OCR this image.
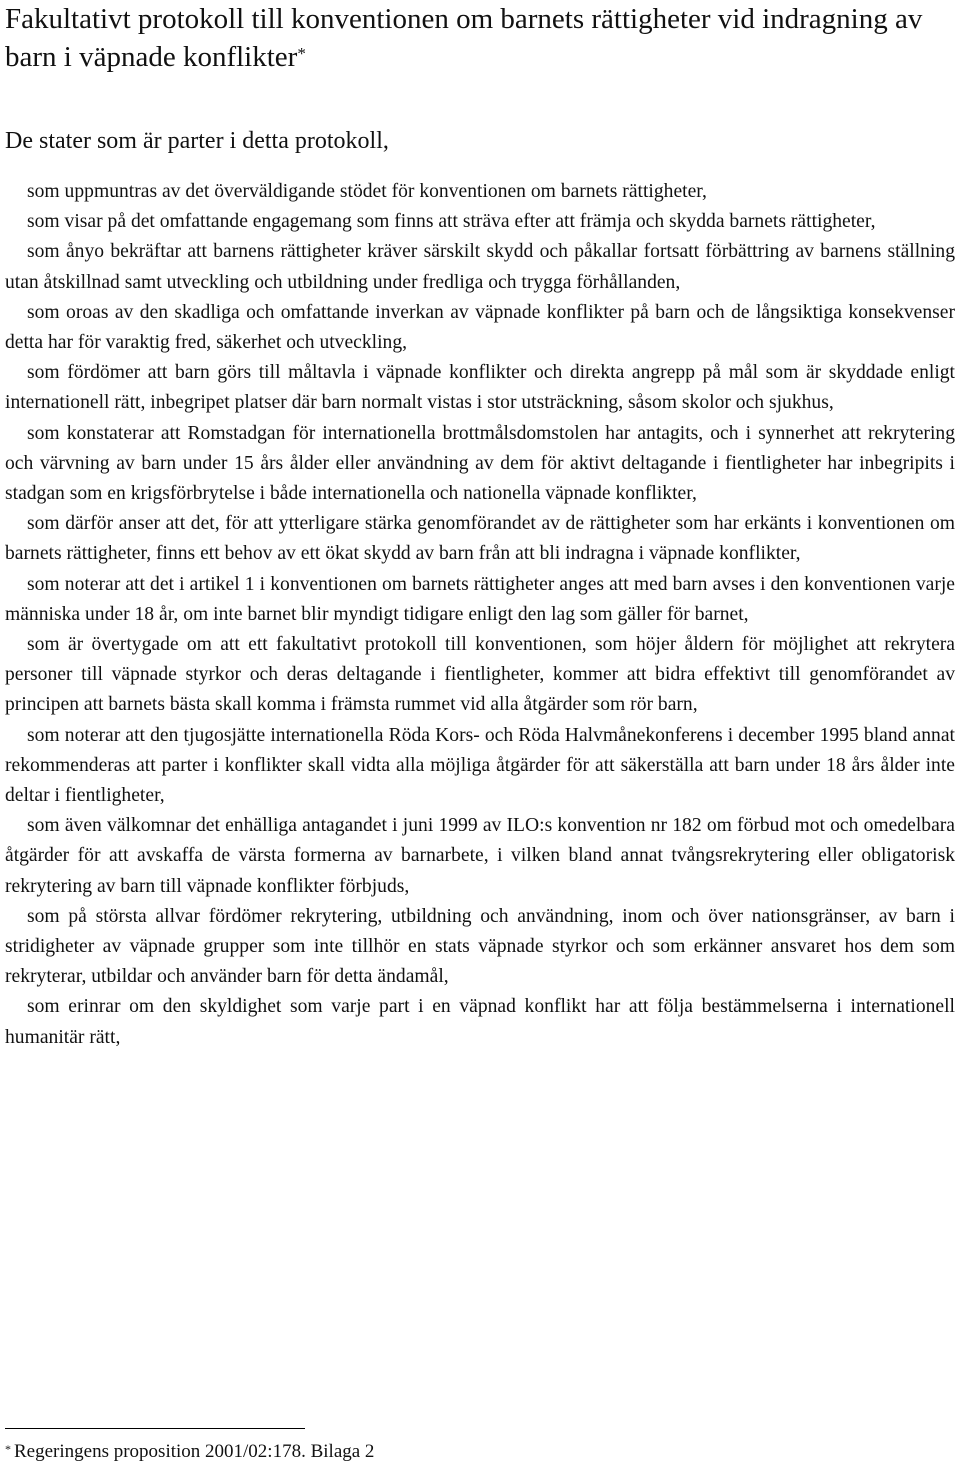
Fakultativt protokoll till konventionen om barnets rättigheter vid indragning av barn i väpnade konflikter*

De stater som är parter i detta protokoll,

som uppmuntras av det överväldigande stödet för konventionen om barnets rättigheter,

som visar på det omfattande engagemang som finns att sträva efter att främja och skydda barnets rättigheter,

som ånyo bekräftar att barnens rättigheter kräver särskilt skydd och påkallar fortsatt förbättring av barnens ställning utan åtskillnad samt utveckling och utbildning under fredliga och trygga förhållanden,

som oroas av den skadliga och omfattande inverkan av väpnade konflikter på barn och de långsiktiga konsekvenser detta har för varaktig fred, säkerhet och utveckling,

som fördömer att barn görs till måltavla i väpnade konflikter och direkta angrepp på mål som är skyddade enligt internationell rätt, inbegripet platser där barn normalt vistas i stor utsträckning, såsom skolor och sjukhus,

som konstaterar att Romstadgan för internationella brottmålsdomstolen har antagits, och i synnerhet att rekrytering och värvning av barn under 15 års ålder eller användning av dem för aktivt deltagande i fientligheter har inbegripits i stadgan som en krigsförbrytelse i både internationella och nationella väpnade konflikter,

som därför anser att det, för att ytterligare stärka genomförandet av de rättigheter som har erkänts i konventionen om barnets rättigheter, finns ett behov av ett ökat skydd av barn från att bli indragna i väpnade konflikter,

som noterar att det i artikel 1 i konventionen om barnets rättigheter anges att med barn avses i den konventionen varje människa under 18 år, om inte barnet blir myndigt tidigare enligt den lag som gäller för barnet,

som är övertygade om att ett fakultativt protokoll till konventionen, som höjer åldern för möjlighet att rekrytera personer till väpnade styrkor och deras deltagande i fientligheter, kommer att bidra effektivt till genomförandet av principen att barnets bästa skall komma i främsta rummet vid alla åtgärder som rör barn,

som noterar att den tjugosjätte internationella Röda Kors- och Röda Halvmånekonferens i december 1995 bland annat rekommenderas att parter i konflikter skall vidta alla möjliga åtgärder för att säkerställa att barn under 18 års ålder inte deltar i fientligheter,

som även välkomnar det enhälliga antagandet i juni 1999 av ILO:s konvention nr 182 om förbud mot och omedelbara åtgärder för att avskaffa de värsta formerna av barnarbete, i vilken bland annat tvångsrekrytering eller obligatorisk rekrytering av barn till väpnade konflikter förbjuds,

som på största allvar fördömer rekrytering, utbildning och användning, inom och över nationsgränser, av barn i stridigheter av väpnade grupper som inte tillhör en stats väpnade styrkor och som erkänner ansvaret hos dem som rekryterar, utbildar och använder barn för detta ändamål,

som erinrar om den skyldighet som varje part i en väpnad konflikt har att följa bestämmelserna i internationell humanitär rätt,

* Regeringens proposition 2001/02:178. Bilaga 2
